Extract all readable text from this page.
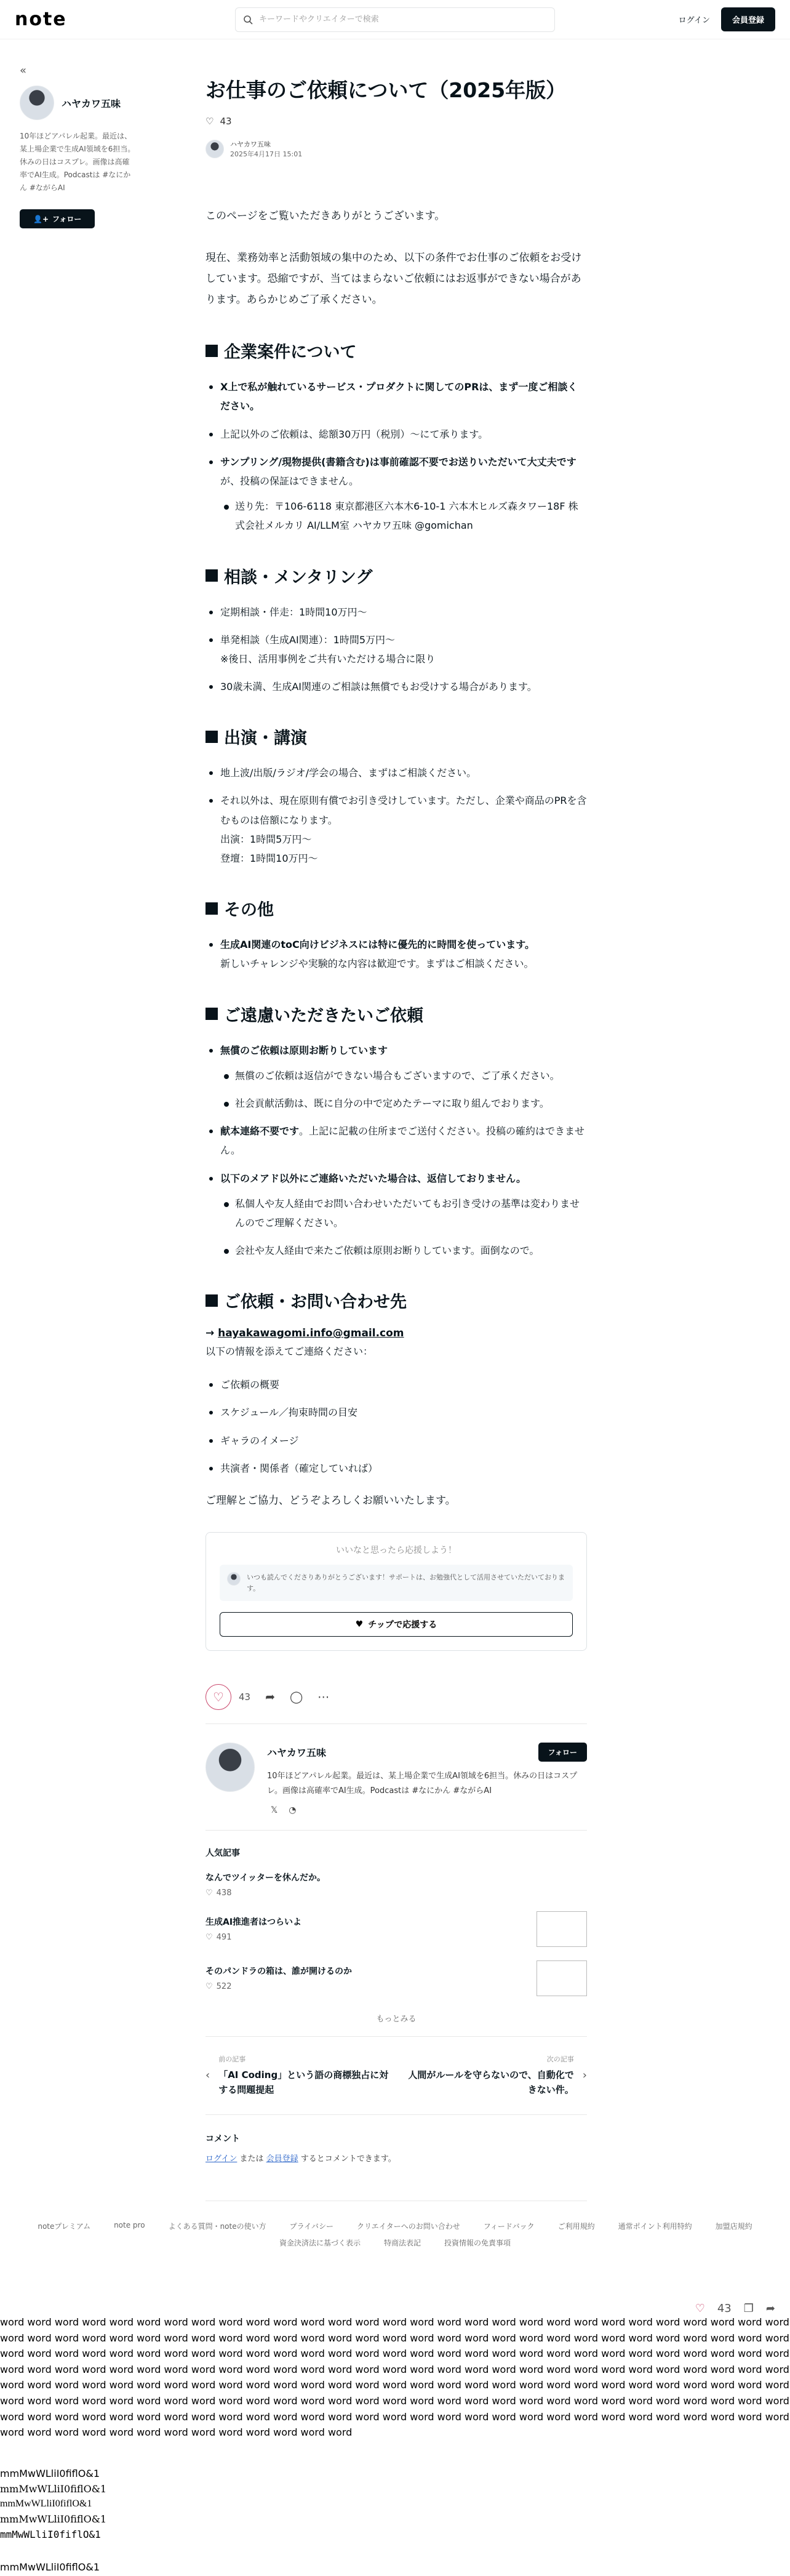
note
キーワードやクリエイターで検索	ログイン	会員登録
«
ハヤカワ五味
10年ほどアパレル起業。最近は、某上場企業で生成AI領域を6担当。休みの日はコスプレ。画像は高確率でAI生成。Podcastは #なにかん #ながらAI
👤+ フォロー
お仕事のご依頼について（2025年版）
♡ 43
ハヤカワ五味
2025年4月17日 15:01

このページをご覧いただきありがとうございます。

現在、業務効率と活動領域の集中のため、以下の条件でお仕事のご依頼をお受けしています。恐縮ですが、当てはまらないご依頼にはお返事ができない場合があります。あらかじめご了承ください。

企業案件について
X上で私が触れているサービス・プロダクトに関してのPRは、まず一度ご相談ください。
上記以外のご依頼は、総額30万円（税別）〜にて承ります。
サンプリング/現物提供(書籍含む)は事前確認不要でお送りいただいて大丈夫ですが、投稿の保証はできません。
送り先：〒106-6118 東京都港区六本木6-10-1 六本木ヒルズ森タワー18F 株式会社メルカリ AI/LLM室 ハヤカワ五味 @gomichan
相談・メンタリング
定期相談・伴走：1時間10万円〜
単発相談（生成AI関連）：1時間5万円〜
※後日、活用事例をご共有いただける場合に限り
30歳未満、生成AI関連のご相談は無償でもお受けする場合があります。
出演・講演
地上波/出版/ラジオ/学会の場合、まずはご相談ください。
それ以外は、現在原則有償でお引き受けしています。ただし、企業や商品のPRを含むものは倍額になります。
出演：1時間5万円〜
登壇：1時間10万円〜
その他
生成AI関連のtoC向けビジネスには特に優先的に時間を使っています。
新しいチャレンジや実験的な内容は歓迎です。まずはご相談ください。
ご遠慮いただきたいご依頼
無償のご依頼は原則お断りしています
無償のご依頼は返信ができない場合もございますので、ご了承ください。
社会貢献活動は、既に自分の中で定めたテーマに取り組んでおります。
献本連絡不要です。上記に記載の住所までご送付ください。投稿の確約はできません。
以下のメアド以外にご連絡いただいた場合は、返信しておりません。
私個人や友人経由でお問い合わせいただいてもお引き受けの基準は変わりませんのでご理解ください。
会社や友人経由で来たご依頼は原則お断りしています。面倒なので。
ご依頼・お問い合わせ先
→ hayakawagomi.info@gmail.com

以下の情報を添えてご連絡ください：

ご依頼の概要
スケジュール／拘束時間の目安
ギャラのイメージ
共演者・関係者（確定していれば）

ご理解とご協力、どうぞよろしくお願いいたします。

いいなと思ったら応援しよう！
いつも読んでくださりありがとうございます！サポートは、お勉強代として活用させていただいております。
♥ チップで応援する
♡ 43 ➦ ◯ ⋯
ハヤカワ五味	フォロー
10年ほどアパレル起業。最近は、某上場企業で生成AI領域を6担当。休みの日はコスプレ。画像は高確率でAI生成。Podcastは #なにかん #ながらAI
𝕏 ◔
人気記事
なんでツイッターを休んだか。
♡ 438
生成AI推進者はつらいよ
♡ 491
そのパンドラの箱は、誰が開けるのか
♡ 522
もっとみる
‹
前の記事
「AI Coding」という語の商標独占に対する問題提起
次の記事
人間がルールを守らないので、自動化できない件。
›
コメント
ログイン または 会員登録 するとコメントできます。
noteプレミアム	note pro	よくある質問・noteの使い方	プライバシー	クリエイターへのお問い合わせ	フィードバック	ご利用規約	通常ポイント利用特約	加盟店規約
資金決済法に基づく表示	特商法表記	投資情報の免責事項
♡ 43 ❐ ➦
word word word word word word word word word word word word word word word word word word word word word word word word word word word word word word word word word word word word word word word word word word word word word word word word word word word word word word word word word word word word word word word word word word word word word word word word word word word word word word word word word word word word word word word word word word word word word word word word word word word word word word word word word word word word word word word word word word word word word word word word word word word word word word word word word word word word word word word word word word word word word word word word word word word word word word word word word word word word word word word word word word word word word word word word word word word word word word word word word word word word word word word word word word word word word word word word word word word word word word word word word word word word word word word word word word word word word word word word
mmMwWLliI0fiflO&1
mmMwWLliI0fiflO&1
mmMwWLliI0fiflO&1
mmMwWLliI0fiflO&1
mmMwWLliI0fiflO&1
mmMwWLliI0fiflO&1
